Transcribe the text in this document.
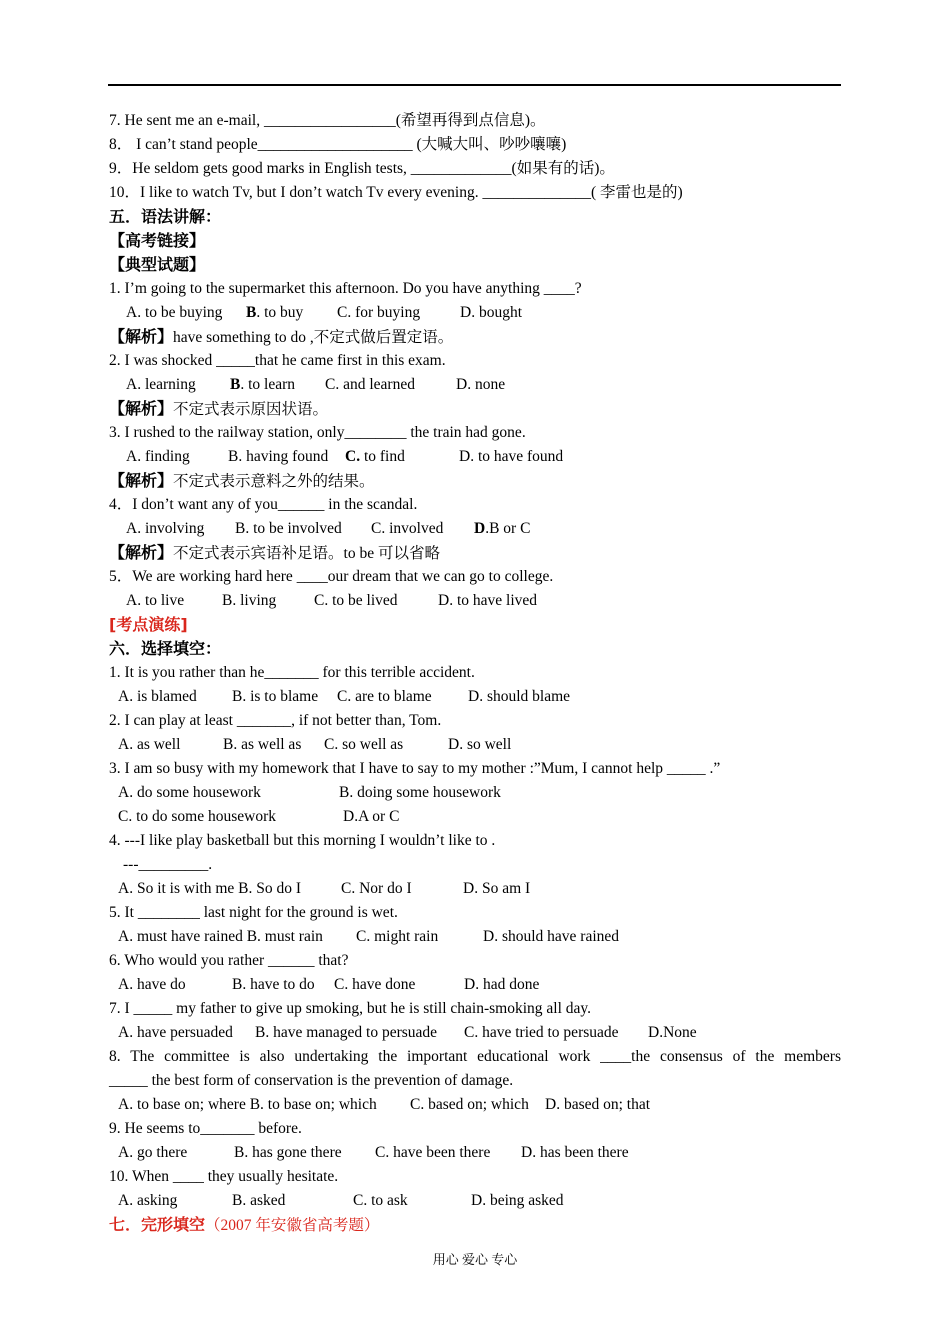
7. He sent me an e-mail, _________________(希望再得到点信息)。
8． I can’t stand people____________________ (大喊大叫、吵吵嚷嚷)
9．He seldom gets good marks in English tests, _____________(如果有的话)。
10．I like to watch Tv, but I don’t watch Tv every evening. ______________( 李雷也是的)
五．语法讲解：
【高考链接】
【典型试题】
1. I’m going to the supermarket this afternoon. Do you have anything ____?
A. to be buying B. to buy C. for buying	D. bought
【解析】have something to do ,不定式做后置定语。
2. I was shocked _____that he came first in this exam.
A. learning B. to learn C. and learned	D. none
【解析】不定式表示原因状语。
3. I rushed to the railway station, only________ the train had gone.
A. finding B. having found C. to find	D. to have found
【解析】不定式表示意料之外的结果。
4．I don’t want any of you______ in the scandal.
A. involving B. to be involved C. involved D.B or C
【解析】不定式表示宾语补足语。to be 可以省略
5．We are working hard here ____our dream that we can go to college.
A. to live B. living C. to be lived	D. to have lived
[考点演练]
六．选择填空：
1. It is you rather than he_______ for this terrible accident.
A. is blamed B. is to blame C. are to blame D. should blame
2. I can play at least _______, if not better than, Tom.
A. as well	B. as well as C. so well as	D. so well
3. I am so busy with my homework that I have to say to my mother :”Mum, I cannot help _____ .”
A. do some housework	B. doing some housework
C. to do some housework	D.A or C
4. ---I like play basketball but this morning I wouldn’t like to .
---_________.
A. So it is with me B. So do I	C. Nor do I	D. So am I
5. It ________ last night for the ground is wet.
A. must have rained B. must rain C. might rain	D. should have rained
6. Who would you rather ______ that?
A. have do	B. have to do C. have done	D. had done
7. I _____ my father to give up smoking, but he is still chain-smoking all day.
A. have persuaded B. have managed to persuade C. have tried to persuade D.None
8. The committee is also undertaking the important educational work ____the consensus of the members
_____ the best form of conservation is the prevention of damage.
A. to base on; where B. to base on; which C. based on; which D. based on; that
9. He seems to_______ before.
A. go there	B. has gone there C. have been there D. has been there
10. When ____ they usually hesitate.
A. asking	B. asked	C. to ask	D. being asked
七．完形填空（2007 年安徽省高考题）
用心 爱心 专心
